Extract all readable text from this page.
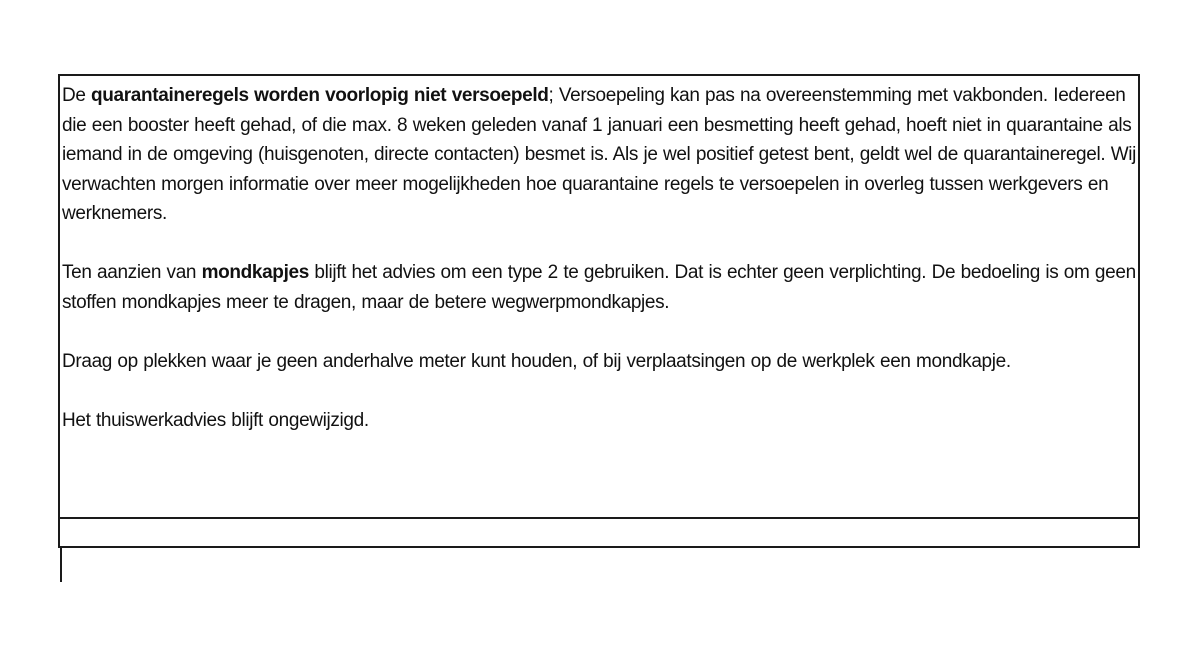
De quarantaineregels worden voorlopig niet versoepeld; Versoepeling kan pas na overeenstemming met vakbonden. Iedereen die een booster heeft gehad, of die max. 8 weken geleden vanaf 1 januari een besmetting heeft gehad, hoeft niet in quarantaine als iemand in de omgeving (huisgenoten, directe contacten) besmet is. Als je wel positief getest bent, geldt wel de quarantaineregel. Wij verwachten morgen informatie over meer mogelijkheden hoe quarantaine regels te versoepelen in overleg tussen werkgevers en werknemers.

Ten aanzien van mondkapjes blijft het advies om een type 2 te gebruiken. Dat is echter geen verplichting. De bedoeling is om geen stoffen mondkapjes meer te dragen, maar de betere wegwerpmondkapjes.

Draag op plekken waar je geen anderhalve meter kunt houden, of bij verplaatsingen op de werkplek een mondkapje.

Het thuiswerkadvies blijft ongewijzigd.
